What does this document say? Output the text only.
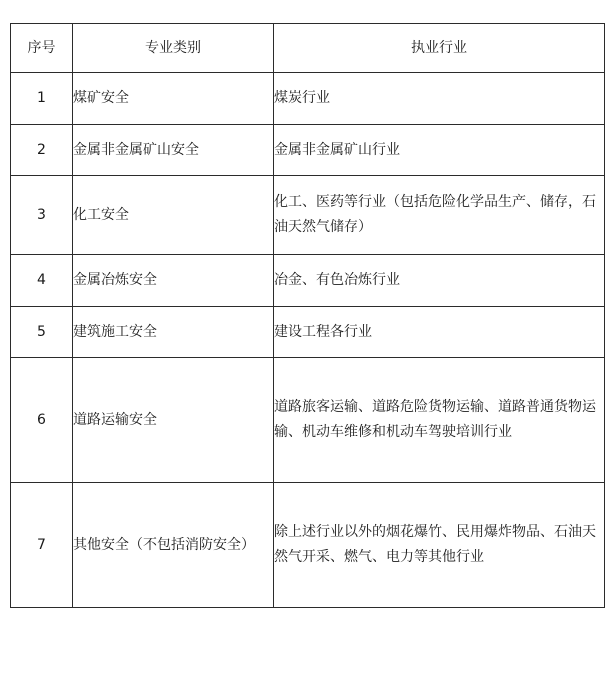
序号	专业类别	执业行业
1	煤矿安全	煤炭行业
2	金属非金属矿山安全	金属非金属矿山行业
3	化工安全	化工、医药等行业（包括危险化学品生产、储存，石油天然气储存）
4	金属冶炼安全	冶金、有色冶炼行业
5	建筑施工安全	建设工程各行业
6	道路运输安全	道路旅客运输、道路危险货物运输、道路普通货物运输、机动车维修和机动车驾驶培训行业
7	其他安全（不包括消防安全）	除上述行业以外的烟花爆竹、民用爆炸物品、石油天然气开采、燃气、电力等其他行业
